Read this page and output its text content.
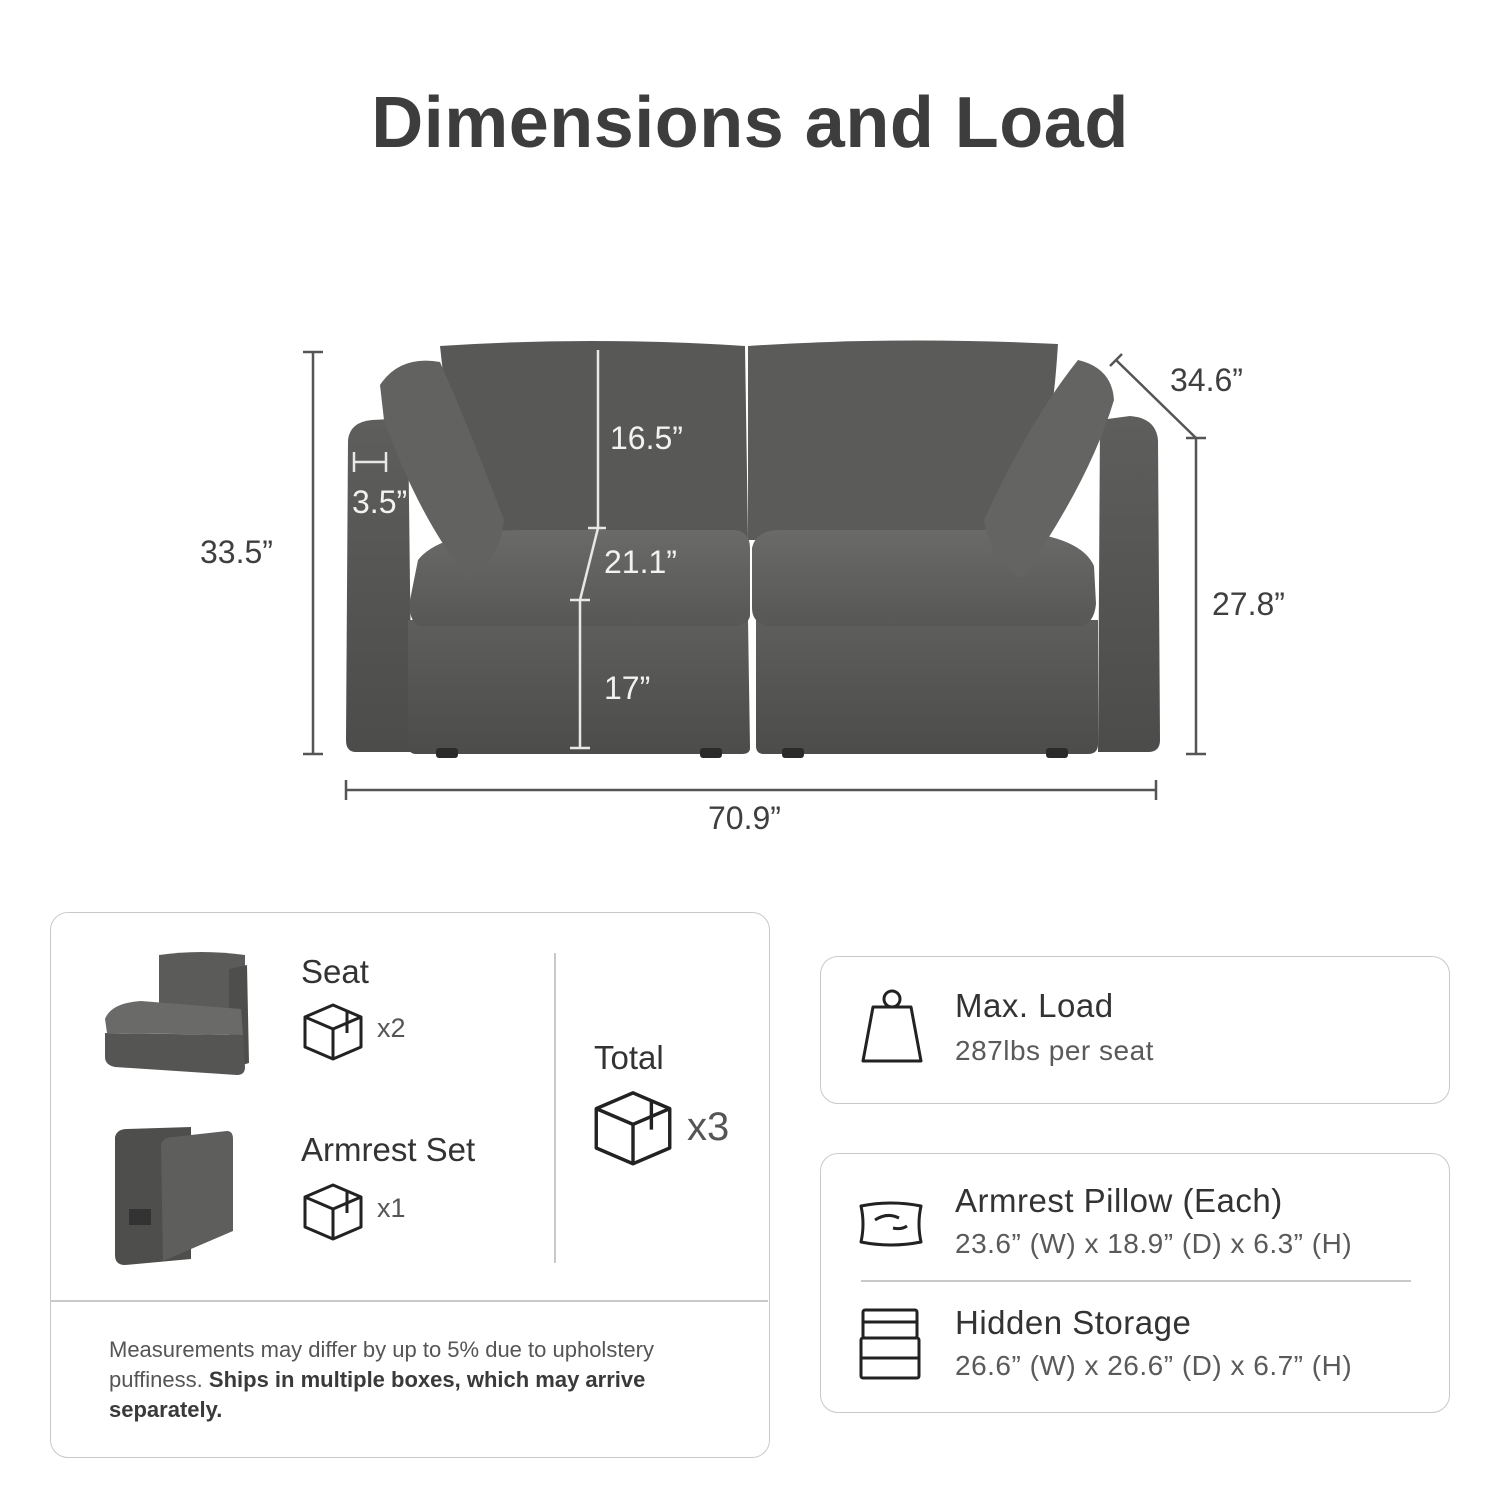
Dimensions and Load
33.5”
16.5”
3.5”
21.1”
17”
34.6”
27.8”
70.9”
Seat
x2
Armrest Set
x1
Total
x3
Measurements may differ by up to 5% due to upholstery puffiness. Ships in multiple boxes, which may arrive separately.
Max. Load
287lbs per seat
Armrest Pillow (Each)
23.6” (W) x 18.9” (D) x 6.3” (H)
Hidden Storage
26.6” (W) x 26.6” (D) x 6.7” (H)
